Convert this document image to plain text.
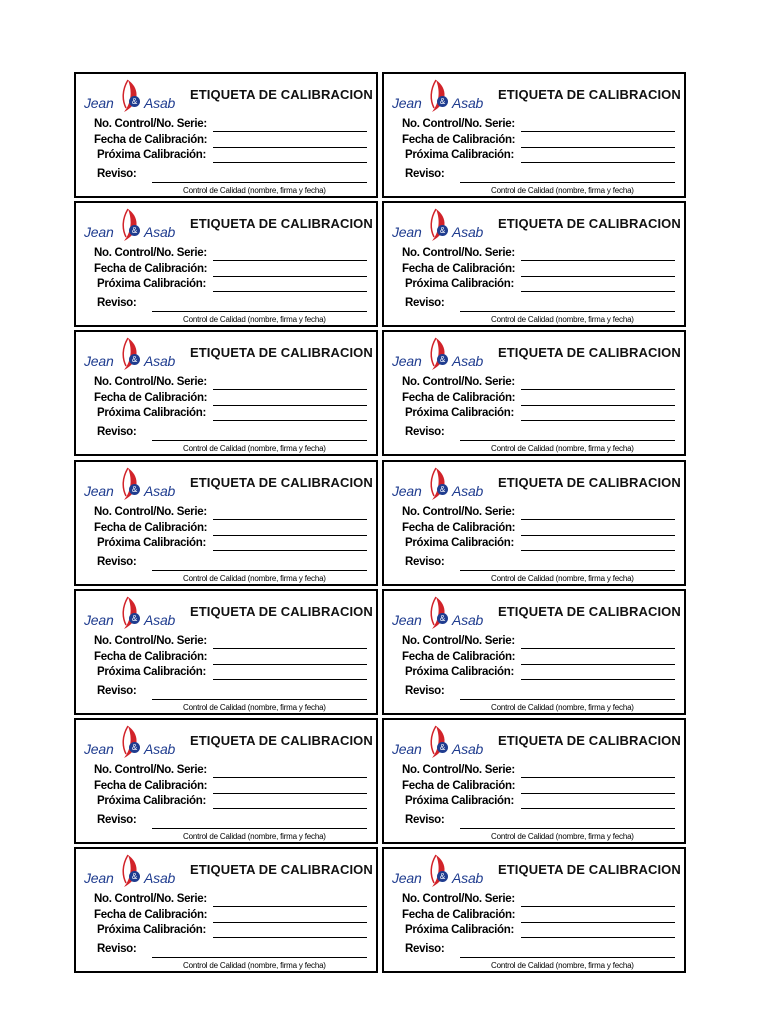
Jean	& Asab
ETIQUETA DE CALIBRACION
No. Control/No. Serie:
Fecha de Calibración:
Próxima Calibración:
Reviso:
Control de Calidad (nombre, firma y fecha)
Jean	& Asab
ETIQUETA DE CALIBRACION
No. Control/No. Serie:
Fecha de Calibración:
Próxima Calibración:
Reviso:
Control de Calidad (nombre, firma y fecha)
Jean	& Asab
ETIQUETA DE CALIBRACION
No. Control/No. Serie:
Fecha de Calibración:
Próxima Calibración:
Reviso:
Control de Calidad (nombre, firma y fecha)
Jean	& Asab
ETIQUETA DE CALIBRACION
No. Control/No. Serie:
Fecha de Calibración:
Próxima Calibración:
Reviso:
Control de Calidad (nombre, firma y fecha)
Jean	& Asab
ETIQUETA DE CALIBRACION
No. Control/No. Serie:
Fecha de Calibración:
Próxima Calibración:
Reviso:
Control de Calidad (nombre, firma y fecha)
Jean	& Asab
ETIQUETA DE CALIBRACION
No. Control/No. Serie:
Fecha de Calibración:
Próxima Calibración:
Reviso:
Control de Calidad (nombre, firma y fecha)
Jean	& Asab
ETIQUETA DE CALIBRACION
No. Control/No. Serie:
Fecha de Calibración:
Próxima Calibración:
Reviso:
Control de Calidad (nombre, firma y fecha)
Jean	& Asab
ETIQUETA DE CALIBRACION
No. Control/No. Serie:
Fecha de Calibración:
Próxima Calibración:
Reviso:
Control de Calidad (nombre, firma y fecha)
Jean	& Asab
ETIQUETA DE CALIBRACION
No. Control/No. Serie:
Fecha de Calibración:
Próxima Calibración:
Reviso:
Control de Calidad (nombre, firma y fecha)
Jean	& Asab
ETIQUETA DE CALIBRACION
No. Control/No. Serie:
Fecha de Calibración:
Próxima Calibración:
Reviso:
Control de Calidad (nombre, firma y fecha)
Jean	& Asab
ETIQUETA DE CALIBRACION
No. Control/No. Serie:
Fecha de Calibración:
Próxima Calibración:
Reviso:
Control de Calidad (nombre, firma y fecha)
Jean	& Asab
ETIQUETA DE CALIBRACION
No. Control/No. Serie:
Fecha de Calibración:
Próxima Calibración:
Reviso:
Control de Calidad (nombre, firma y fecha)
Jean	& Asab
ETIQUETA DE CALIBRACION
No. Control/No. Serie:
Fecha de Calibración:
Próxima Calibración:
Reviso:
Control de Calidad (nombre, firma y fecha)
Jean	& Asab
ETIQUETA DE CALIBRACION
No. Control/No. Serie:
Fecha de Calibración:
Próxima Calibración:
Reviso:
Control de Calidad (nombre, firma y fecha)
